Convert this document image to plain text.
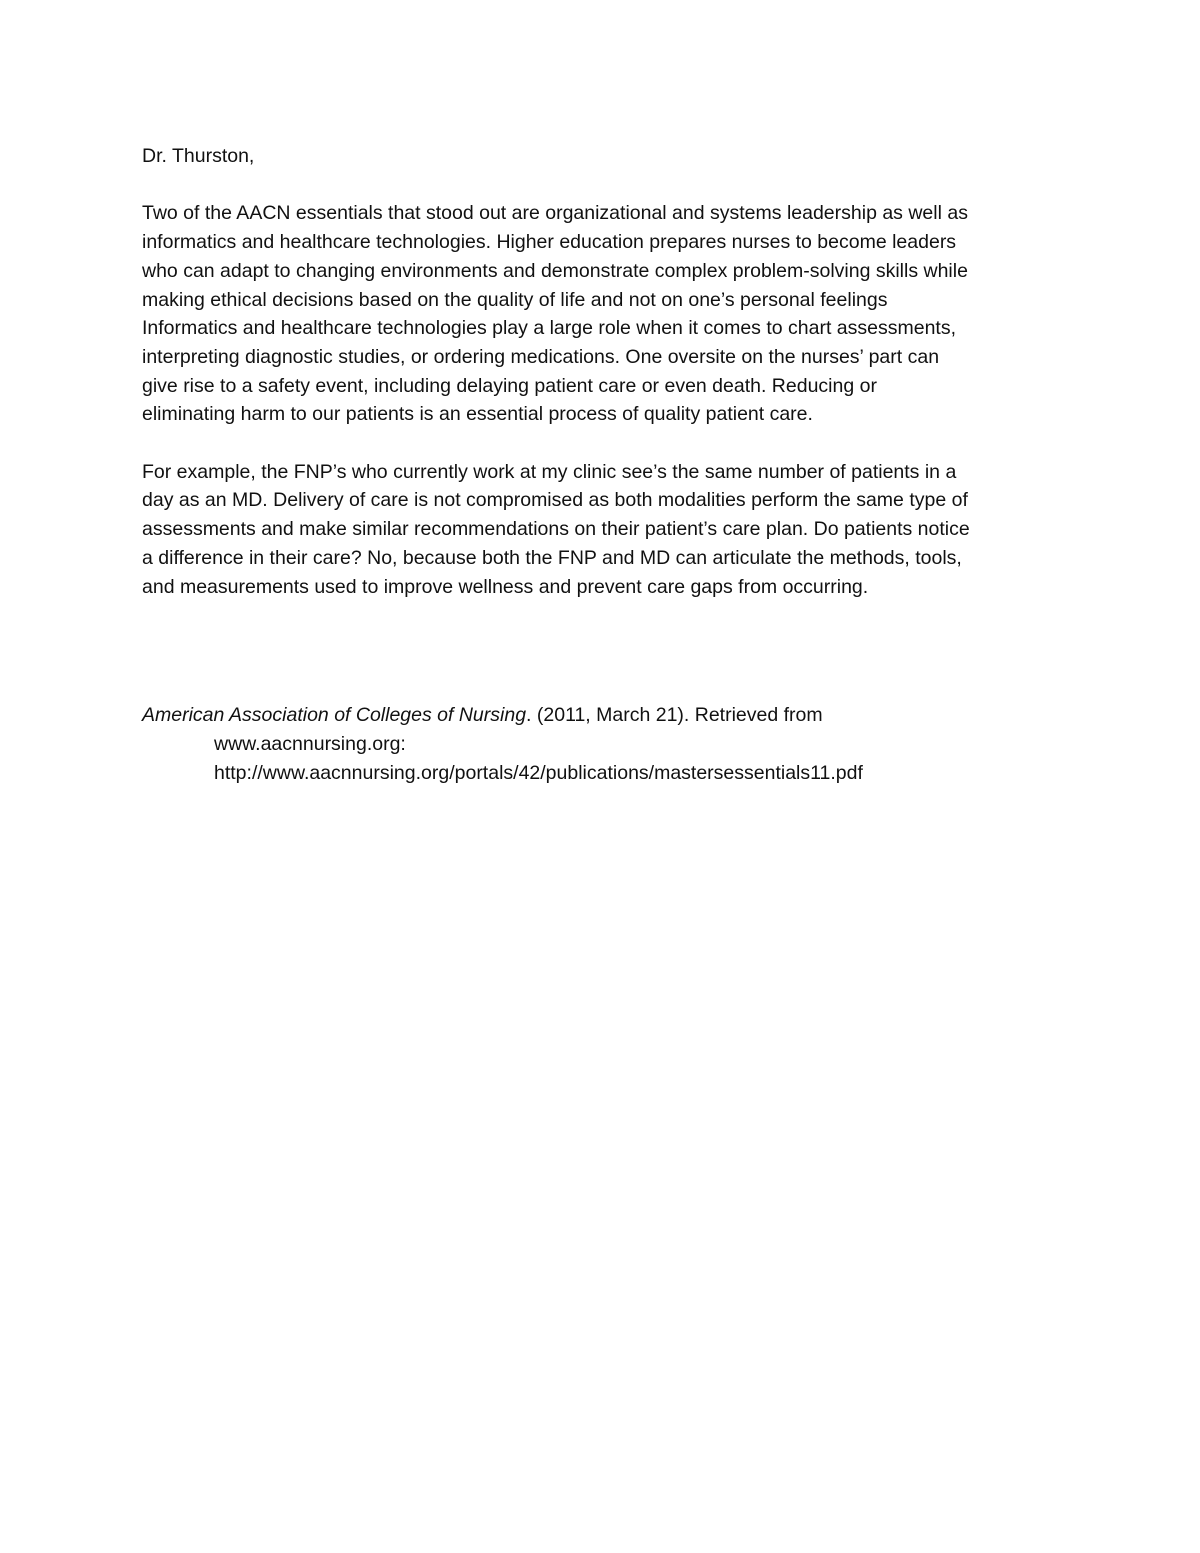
Dr. Thurston,
Two of the AACN essentials that stood out are organizational and systems leadership as well as
informatics and healthcare technologies. Higher education prepares nurses to become leaders
who can adapt to changing environments and demonstrate complex problem-solving skills while
making ethical decisions based on the quality of life and not on one’s personal feelings
Informatics and healthcare technologies play a large role when it comes to chart assessments,
interpreting diagnostic studies, or ordering medications. One oversite on the nurses’ part can
give rise to a safety event, including delaying patient care or even death. Reducing or
eliminating harm to our patients is an essential process of quality patient care.
For example, the FNP’s who currently work at my clinic see’s the same number of patients in a
day as an MD. Delivery of care is not compromised as both modalities perform the same type of
assessments and make similar recommendations on their patient’s care plan. Do patients notice
a difference in their care? No, because both the FNP and MD can articulate the methods, tools,
and measurements used to improve wellness and prevent care gaps from occurring.
American Association of Colleges of Nursing. (2011, March 21). Retrieved from
www.aacnnursing.org:
http://www.aacnnursing.org/portals/42/publications/mastersessentials11.pdf
